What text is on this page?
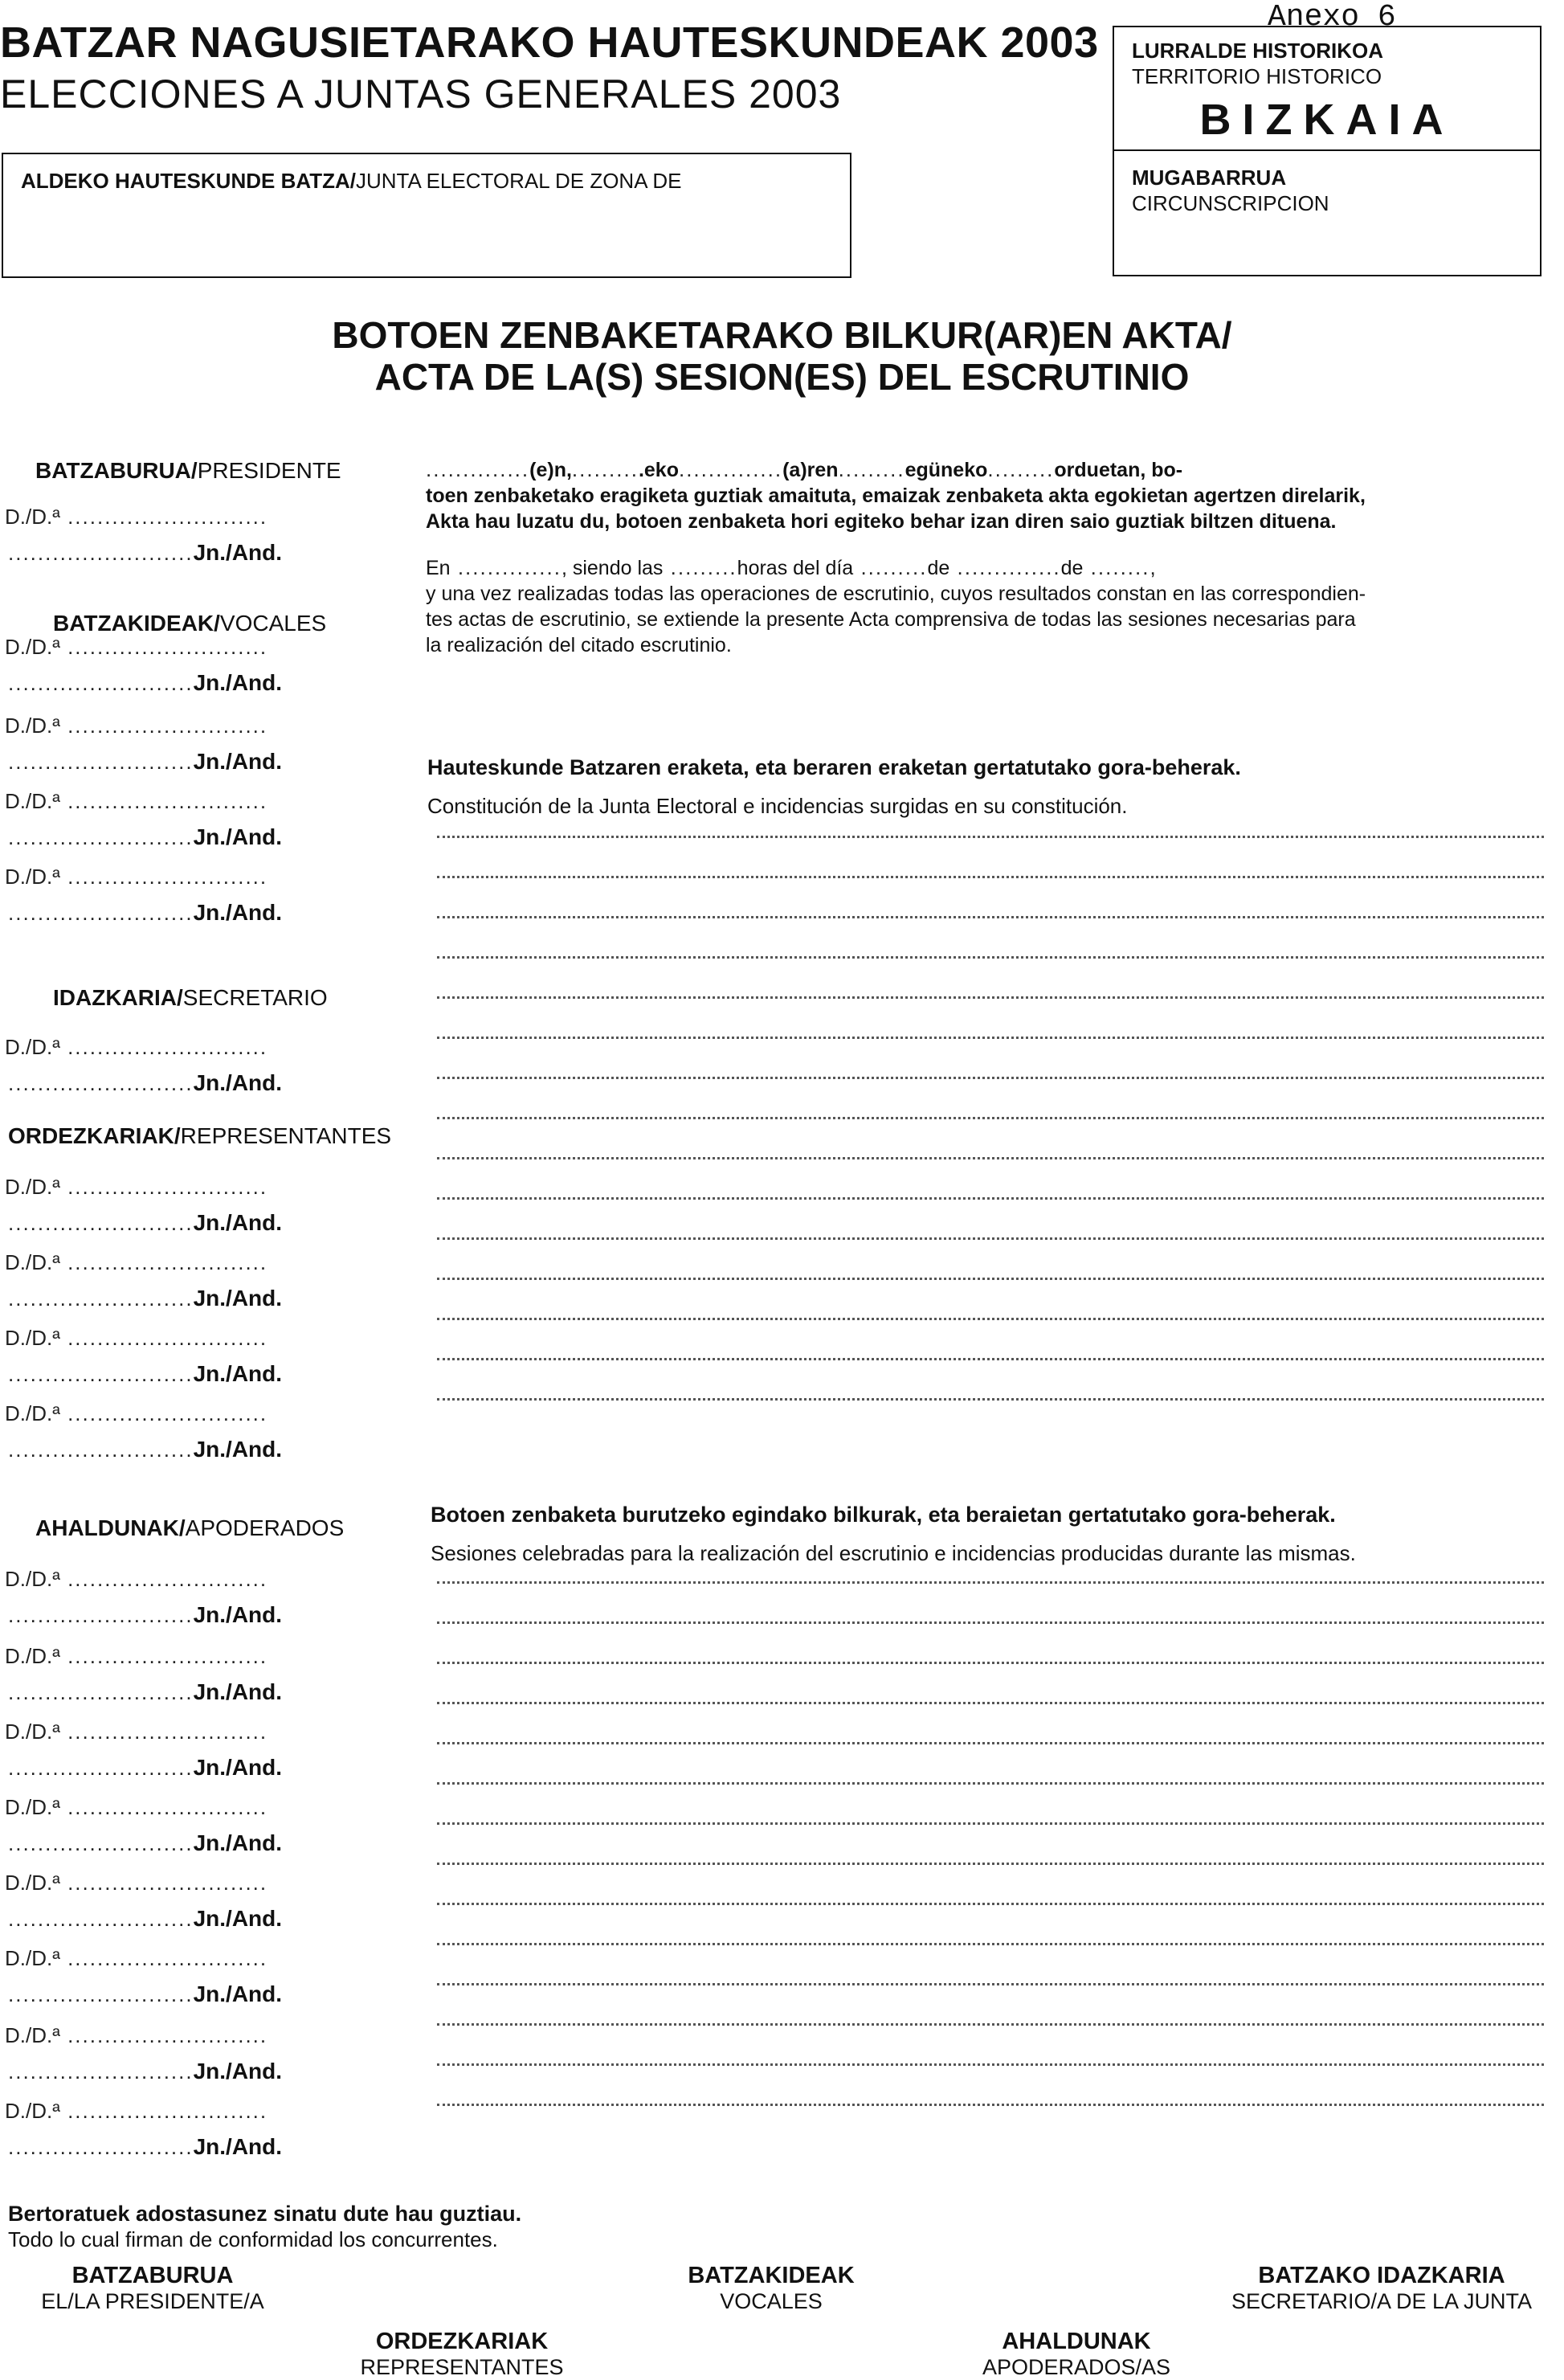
BATZAR NAGUSIETARAKO HAUTESKUNDEAK 2003
ELECCIONES A JUNTAS GENERALES 2003
Anexo 6
ALDEKO HAUTESKUNDE BATZA/JUNTA ELECTORAL DE ZONA DE
LURRALDE HISTORIKOA
TERRITORIO HISTORICO
BIZKAIA
MUGABARRUA
CIRCUNSCRIPCION
BOTOEN ZENBAKETARAKO BILKUR(AR)EN AKTA/
ACTA DE LA(S) SESION(ES) DEL ESCRUTINIO
BATZABURUA/PRESIDENTE
D./D.ª ...........................
.........................Jn./And.
BATZAKIDEAK/VOCALES
D./D.ª ...........................
.........................Jn./And.
D./D.ª ...........................
.........................Jn./And.
D./D.ª ...........................
.........................Jn./And.
D./D.ª ...........................
.........................Jn./And.
IDAZKARIA/SECRETARIO
D./D.ª ...........................
.........................Jn./And.
ORDEZKARIAK/REPRESENTANTES
D./D.ª ...........................
.........................Jn./And.
D./D.ª ...........................
.........................Jn./And.
D./D.ª ...........................
.........................Jn./And.
D./D.ª ...........................
.........................Jn./And.
AHALDUNAK/APODERADOS
D./D.ª ...........................
.........................Jn./And.
D./D.ª ...........................
.........................Jn./And.
D./D.ª ...........................
.........................Jn./And.
D./D.ª ...........................
.........................Jn./And.
D./D.ª ...........................
.........................Jn./And.
D./D.ª ...........................
.........................Jn./And.
D./D.ª ...........................
.........................Jn./And.
D./D.ª ...........................
.........................Jn./And.
..............(e)n,..........eko..............(a)ren.........egüneko.........orduetan, bo-
toen zenbaketako eragiketa guztiak amaituta, emaizak zenbaketa akta egokietan agertzen direlarik,
Akta hau luzatu du, botoen zenbaketa hori egiteko behar izan diren saio guztiak biltzen dituena.
En .............., siendo las .........horas del día .........de ..............de ........,
y una vez realizadas todas las operaciones de escrutinio, cuyos resultados constan en las correspondien-
tes actas de escrutinio, se extiende la presente Acta comprensiva de todas las sesiones necesarias para
la realización del citado escrutinio.
Hauteskunde Batzaren eraketa, eta beraren eraketan gertatutako gora-beherak.
Constitución de la Junta Electoral e incidencias surgidas en su constitución.
Botoen zenbaketa burutzeko egindako bilkurak, eta beraietan gertatutako gora-beherak.
Sesiones celebradas para la realización del escrutinio e incidencias producidas durante las mismas.
Bertoratuek adostasunez sinatu dute hau guztiau.
Todo lo cual firman de conformidad los concurrentes.
BATZABURUA
EL/LA PRESIDENTE/A
BATZAKIDEAK
VOCALES
BATZAKO IDAZKARIA
SECRETARIO/A DE LA JUNTA
ORDEZKARIAK
REPRESENTANTES
AHALDUNAK
APODERADOS/AS
